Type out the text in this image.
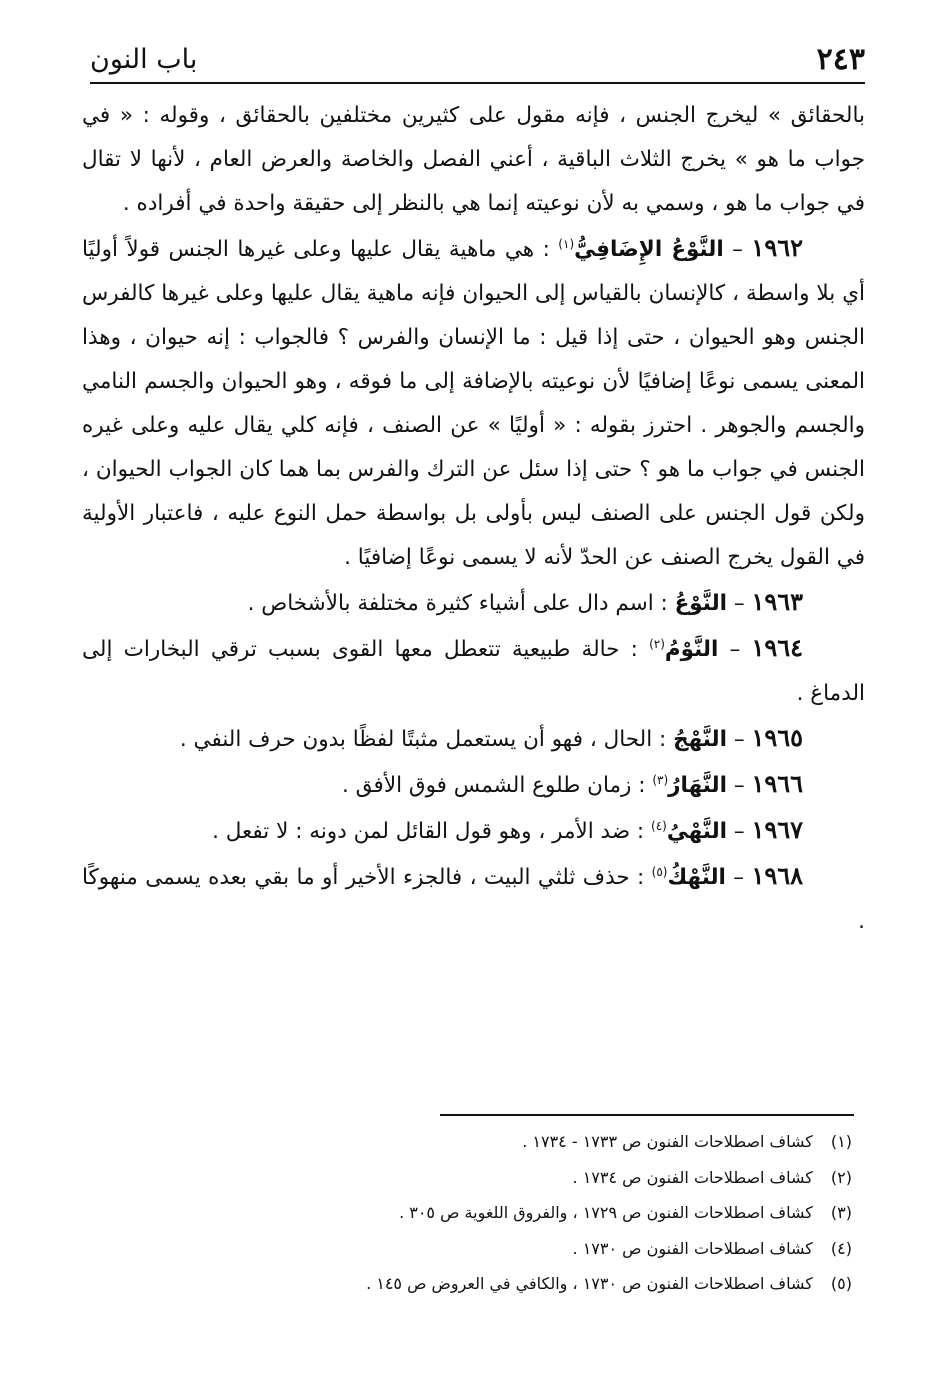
٢٤٣
باب النون

بالحقائق » ليخرج الجنس ، فإنه مقول على كثيرين مختلفين بالحقائق ، وقوله : « في جواب ما هو » يخرج الثلاث الباقية ، أعني الفصل والخاصة والعرض العام ، لأنها لا تقال في جواب ما هو ، وسمي به لأن نوعيته إنما هي بالنظر إلى حقيقة واحدة في أفراده .

١٩٦٢ – النَّوْعُ الإِضَافِيُّ$^{(١)}$ : هي ماهية يقال عليها وعلى غيرها الجنس قولاً أوليًا أي بلا واسطة ، كالإنسان بالقياس إلى الحيوان فإنه ماهية يقال عليها وعلى غيرها كالفرس الجنس وهو الحيوان ، حتى إذا قيل : ما الإنسان والفرس ؟ فالجواب : إنه حيوان ، وهذا المعنى يسمى نوعًا إضافيًا لأن نوعيته بالإضافة إلى ما فوقه ، وهو الحيوان والجسم النامي والجسم والجوهر . احترز بقوله : « أوليًا » عن الصنف ، فإنه كلي يقال عليه وعلى غيره الجنس في جواب ما هو ؟ حتى إذا سئل عن الترك والفرس بما هما كان الجواب الحيوان ، ولكن قول الجنس على الصنف ليس بأولى بل بواسطة حمل النوع عليه ، فاعتبار الأولية في القول يخرج الصنف عن الحدّ لأنه لا يسمى نوعًا إضافيًا .

١٩٦٣ – النَّوْعُ : اسم دال على أشياء كثيرة مختلفة بالأشخاص .

١٩٦٤ – النَّوْمُ$^{(٢)}$ : حالة طبيعية تتعطل معها القوى بسبب ترقي البخارات إلى الدماغ .

١٩٦٥ – النَّهْجُ : الحال ، فهو أن يستعمل مثبتًا لفظًا بدون حرف النفي .

١٩٦٦ – النَّهَارُ$^{(٣)}$ : زمان طلوع الشمس فوق الأفق .

١٩٦٧ – النَّهْيُ$^{(٤)}$ : ضد الأمر ، وهو قول القائل لمن دونه : لا تفعل .

١٩٦٨ – النَّهْكُ$^{(٥)}$ : حذف ثلثي البيت ، فالجزء الأخير أو ما بقي بعده يسمى منهوكًا .

(١) كشاف اصطلاحات الفنون ص ١٧٣٣ - ١٧٣٤ .
(٢) كشاف اصطلاحات الفنون ص ١٧٣٤ .
(٣) كشاف اصطلاحات الفنون ص ١٧٢٩ ، والفروق اللغوية ص ٣٠٥ .
(٤) كشاف اصطلاحات الفنون ص ١٧٣٠ .
(٥) كشاف اصطلاحات الفنون ص ١٧٣٠ ، والكافي في العروض ص ١٤٥ .
